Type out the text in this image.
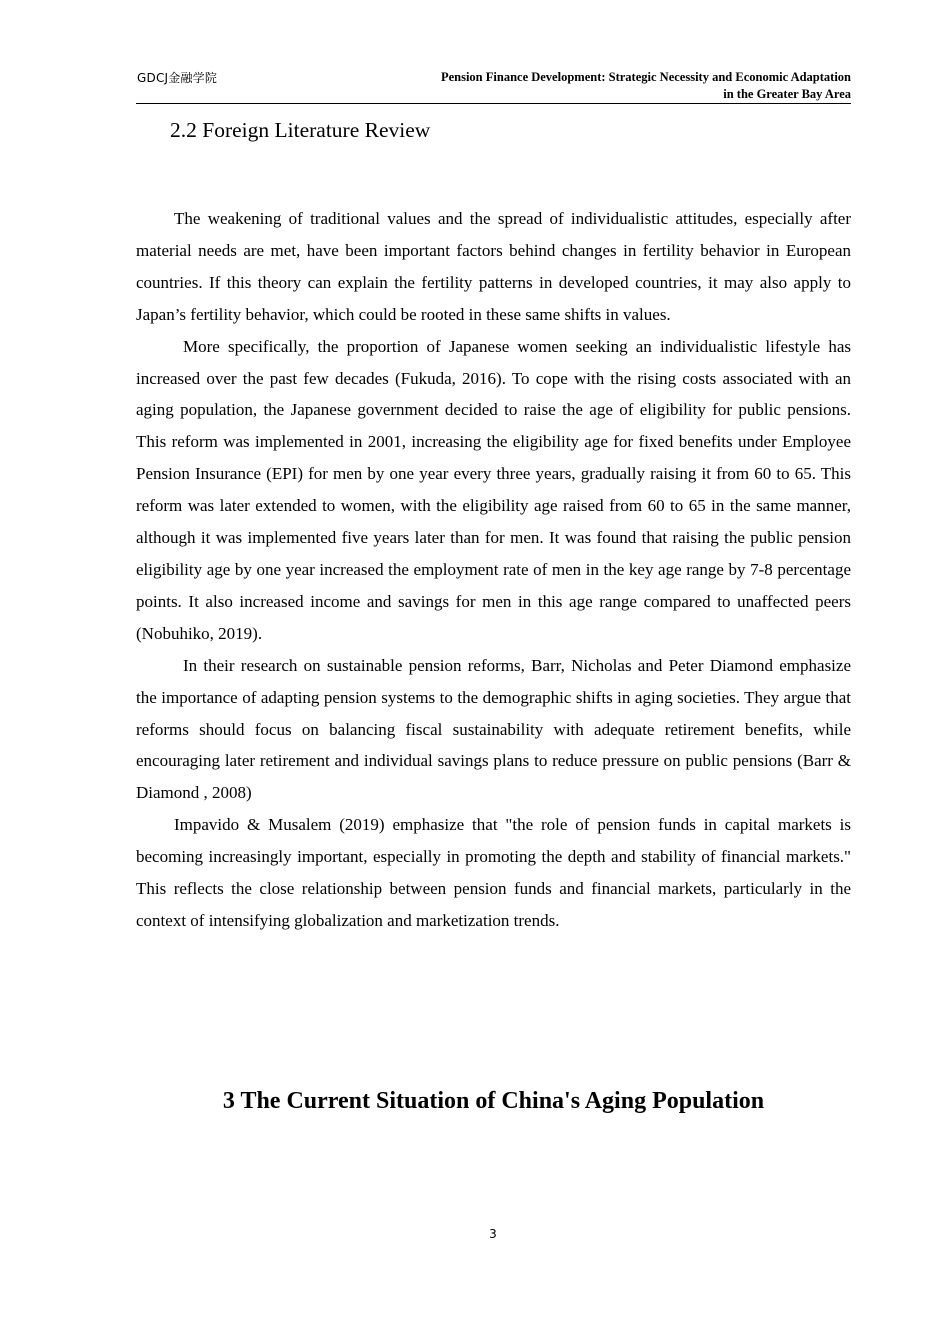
GDCJ金融学院	Pension Finance Development: Strategic Necessity and Economic Adaptation
in the Greater Bay Area
2.2 Foreign Literature Review

The weakening of traditional values and the spread of individualistic attitudes, especially after material needs are met, have been important factors behind changes in fertility behavior in European countries. If this theory can explain the fertility patterns in developed countries, it may also apply to Japan’s fertility behavior, which could be rooted in these same shifts in values.

More specifically, the proportion of Japanese women seeking an individualistic lifestyle has increased over the past few decades (Fukuda, 2016). To cope with the rising costs associated with an aging population, the Japanese government decided to raise the age of eligibility for public pensions. This reform was implemented in 2001, increasing the eligibility age for fixed benefits under Employee Pension Insurance (EPI) for men by one year every three years, gradually raising it from 60 to 65. This reform was later extended to women, with the eligibility age raised from 60 to 65 in the same manner, although it was implemented five years later than for men. It was found that raising the public pension eligibility age by one year increased the employment rate of men in the key age range by 7-8 percentage points. It also increased income and savings for men in this age range compared to unaffected peers (Nobuhiko, 2019).

In their research on sustainable pension reforms, Barr, Nicholas and Peter Diamond emphasize the importance of adapting pension systems to the demographic shifts in aging societies. They argue that reforms should focus on balancing fiscal sustainability with adequate retirement benefits, while encouraging later retirement and individual savings plans to reduce pressure on public pensions (Barr & Diamond , 2008)

Impavido & Musalem (2019) emphasize that "the role of pension funds in capital markets is becoming increasingly important, especially in promoting the depth and stability of financial markets." This reflects the close relationship between pension funds and financial markets, particularly in the context of intensifying globalization and marketization trends.

3 The Current Situation of China's Aging Population
3
